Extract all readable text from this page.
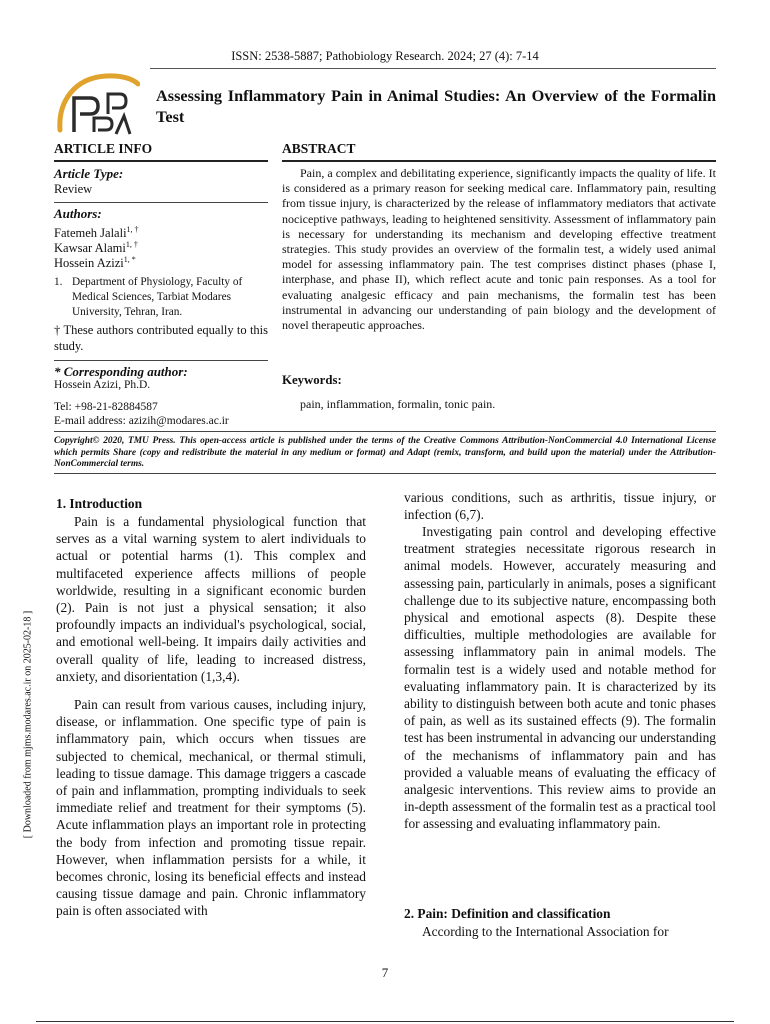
ISSN: 2538-5887; Pathobiology Research. 2024; 27 (4): 7-14
Assessing Inflammatory Pain in Animal Studies: An Overview of the Formalin Test
ARTICLE INFO
Article Type:
Review
Authors:
Fatemeh Jalali$^{1, \dagger}$
Kawsar Alami$^{1, \dagger}$
Hossein Azizi$^{1, *}$
1. Department of Physiology, Faculty of Medical Sciences, Tarbiat Modares University, Tehran, Iran.
† These authors contributed equally to this study.
* Corresponding author:
Hossein Azizi, Ph.D.
Tel: +98-21-82884587
E-mail address: azizih@modares.ac.ir
ABSTRACT
Pain, a complex and debilitating experience, significantly impacts the quality of life. It is considered as a primary reason for seeking medical care. Inflammatory pain, resulting from tissue injury, is characterized by the release of inflammatory mediators that activate nociceptive pathways, leading to heightened sensitivity. Assessment of inflammatory pain is necessary for understanding its mechanism and developing effective treatment strategies. This study provides an overview of the formalin test, a widely used animal model for assessing inflammatory pain. The test comprises distinct phases (phase I, interphase, and phase II), which reflect acute and tonic pain responses. As a tool for evaluating analgesic efficacy and pain mechanisms, the formalin test has been instrumental in advancing our understanding of pain biology and the development of novel therapeutic approaches.
Keywords:
pain, inflammation, formalin, tonic pain.
Copyright© 2020, TMU Press. This open-access article is published under the terms of the Creative Commons Attribution-NonCommercial 4.0 International License which permits Share (copy and redistribute the material in any medium or format) and Adapt (remix, transform, and build upon the material) under the Attribution-NonCommercial terms.
1. Introduction
Pain is a fundamental physiological function that serves as a vital warning system to alert individuals to actual or potential harms (1). This complex and multifaceted experience affects millions of people worldwide, resulting in a significant economic burden (2). Pain is not just a physical sensation; it also profoundly impacts an individual's psychological, social, and emotional well-being. It impairs daily activities and overall quality of life, leading to increased distress, anxiety, and disorientation (1,3,4).
Pain can result from various causes, including injury, disease, or inflammation. One specific type of pain is inflammatory pain, which occurs when tissues are subjected to chemical, mechanical, or thermal stimuli, leading to tissue damage. This damage triggers a cascade of pain and inflammation, prompting individuals to seek immediate relief and treatment for their symptoms (5). Acute inflammation plays an important role in protecting the body from infection and promoting tissue repair. However, when inflammation persists for a while, it becomes chronic, losing its beneficial effects and instead causing tissue damage and pain. Chronic inflammatory pain is often associated with
various conditions, such as arthritis, tissue injury, or infection (6,7).
Investigating pain control and developing effective treatment strategies necessitate rigorous research in animal models. However, accurately measuring and assessing pain, particularly in animals, poses a significant challenge due to its subjective nature, encompassing both physical and emotional aspects (8). Despite these difficulties, multiple methodologies are available for assessing inflammatory pain in animal models. The formalin test is a widely used and notable method for evaluating inflammatory pain. It is characterized by its ability to distinguish between both acute and tonic phases of pain, as well as its sustained effects (9). The formalin test has been instrumental in advancing our understanding of the mechanisms of inflammatory pain and has provided a valuable means of evaluating the efficacy of analgesic interventions. This review aims to provide an in-depth assessment of the formalin test as a practical tool for assessing and evaluating inflammatory pain.
2. Pain: Definition and classification
According to the International Association for
[ Downloaded from mjms.modares.ac.ir on 2025-02-18 ]
7
